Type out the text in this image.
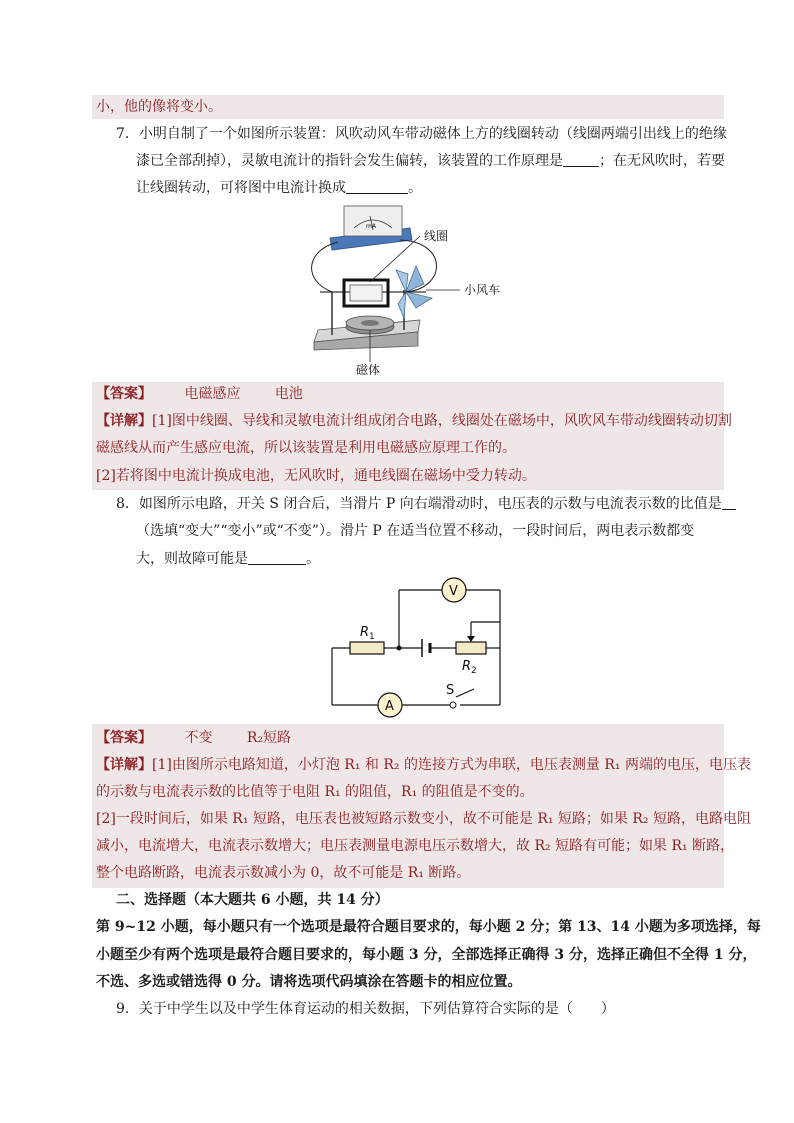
小，他的像将变小。
7．小明自制了一个如图所示装置：风吹动风车带动磁体上方的线圈转动（线圈两端引出线上的绝缘
漆已全部刮掉），灵敏电流计的指针会发生偏转，该装置的工作原理是	；在无风吹时，若要
让线圈转动，可将图中电流计换成	。
mA
线圈
小风车
磁体
【答案】 电磁感应 电池
【详解】[1]图中线圈、导线和灵敏电流计组成闭合电路，线圈处在磁场中，风吹风车带动线圈转动切割
磁感线从而产生感应电流，所以该装置是利用电磁感应原理工作的。
[2]若将图中电流计换成电池，无风吹时，通电线圈在磁场中受力转动。
8．如图所示电路，开关 S 闭合后，当滑片 P 向右端滑动时，电压表的示数与电流表示数的比值是
（选填“变大”“变小”或“不变”）。滑片 P 在适当位置不移动，一段时间后，两电表示数都变
大，则故障可能是	。
V
A
$R_1$
$R_2$
S
【答案】 不变 R₂短路
【详解】[1]由图所示电路知道，小灯泡 R₁ 和 R₂ 的连接方式为串联，电压表测量 R₁ 两端的电压，电压表
的示数与电流表示数的比值等于电阻 R₁ 的阻值，R₁ 的阻值是不变的。
[2]一段时间后，如果 R₁ 短路，电压表也被短路示数变小，故不可能是 R₁ 短路；如果 R₂ 短路，电路电阻
减小，电流增大，电流表示数增大；电压表测量电源电压示数增大，故 R₂ 短路有可能；如果 R₁ 断路，
整个电路断路，电流表示数减小为 0，故不可能是 R₁ 断路。
二、选择题（本大题共 6 小题，共 14 分）
第 9~12 小题，每小题只有一个选项是最符合题目要求的，每小题 2 分；第 13、14 小题为多项选择，每
小题至少有两个选项是最符合题目要求的，每小题 3 分，全部选择正确得 3 分，选择正确但不全得 1 分，
不选、多选或错选得 0 分。请将选项代码填涂在答题卡的相应位置。
9．关于中学生以及中学生体育运动的相关数据，下列估算符合实际的是（　　）
